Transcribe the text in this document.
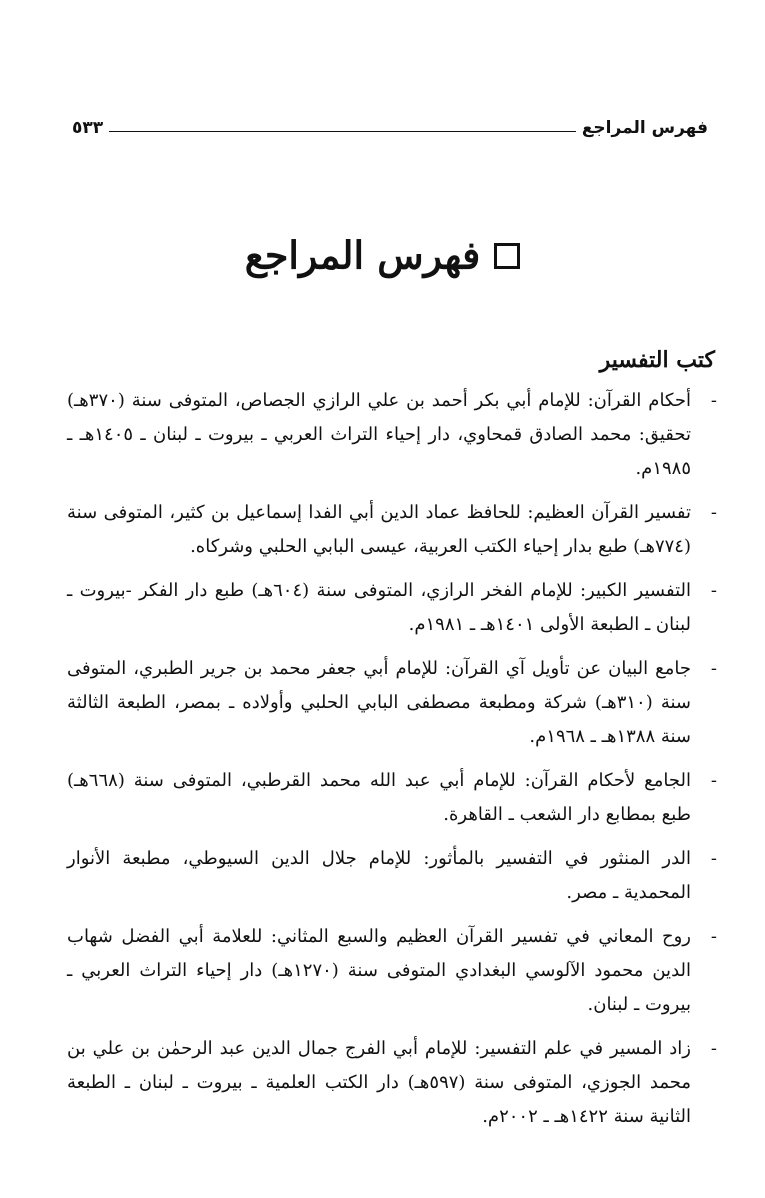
فهرس المراجع
٥٣٣
فهرس المراجع
كتب التفسير
-
أحكام القرآن: للإمام أبي بكر أحمد بن علي الرازي الجصاص، المتوفى سنة (٣٧٠هـ) تحقيق: محمد الصادق قمحاوي، دار إحياء التراث العربي ـ بيروت ـ لبنان ـ ١٤٠٥هـ ـ ١٩٨٥م.
-
تفسير القرآن العظيم: للحافظ عماد الدين أبي الفدا إسماعيل بن كثير، المتوفى سنة (٧٧٤هـ) طبع بدار إحياء الكتب العربية، عيسى البابي الحلبي وشركاه.
-
التفسير الكبير: للإمام الفخر الرازي، المتوفى سنة (٦٠٤هـ) طبع دار الفكر -بيروت ـ لبنان ـ الطبعة الأولى ١٤٠١هـ ـ ١٩٨١م.
-
جامع البيان عن تأويل آي القرآن: للإمام أبي جعفر محمد بن جرير الطبري، المتوفى سنة (٣١٠هـ) شركة ومطبعة مصطفى البابي الحلبي وأولاده ـ بمصر، الطبعة الثالثة سنة ١٣٨٨هـ ـ ١٩٦٨م.
-
الجامع لأحكام القرآن: للإمام أبي عبد الله محمد القرطبي، المتوفى سنة (٦٦٨هـ) طبع بمطابع دار الشعب ـ القاهرة.
-
الدر المنثور في التفسير بالمأثور: للإمام جلال الدين السيوطي، مطبعة الأنوار المحمدية ـ مصر.
-
روح المعاني في تفسير القرآن العظيم والسبع المثاني: للعلامة أبي الفضل شهاب الدين محمود الآلوسي البغدادي المتوفى سنة (١٢٧٠هـ) دار إحياء التراث العربي ـ بيروت ـ لبنان.
-
زاد المسير في علم التفسير: للإمام أبي الفرج جمال الدين عبد الرحمٰن بن علي بن محمد الجوزي، المتوفى سنة (٥٩٧هـ) دار الكتب العلمية ـ بيروت ـ لبنان ـ الطبعة الثانية سنة ١٤٢٢هـ ـ ٢٠٠٢م.
